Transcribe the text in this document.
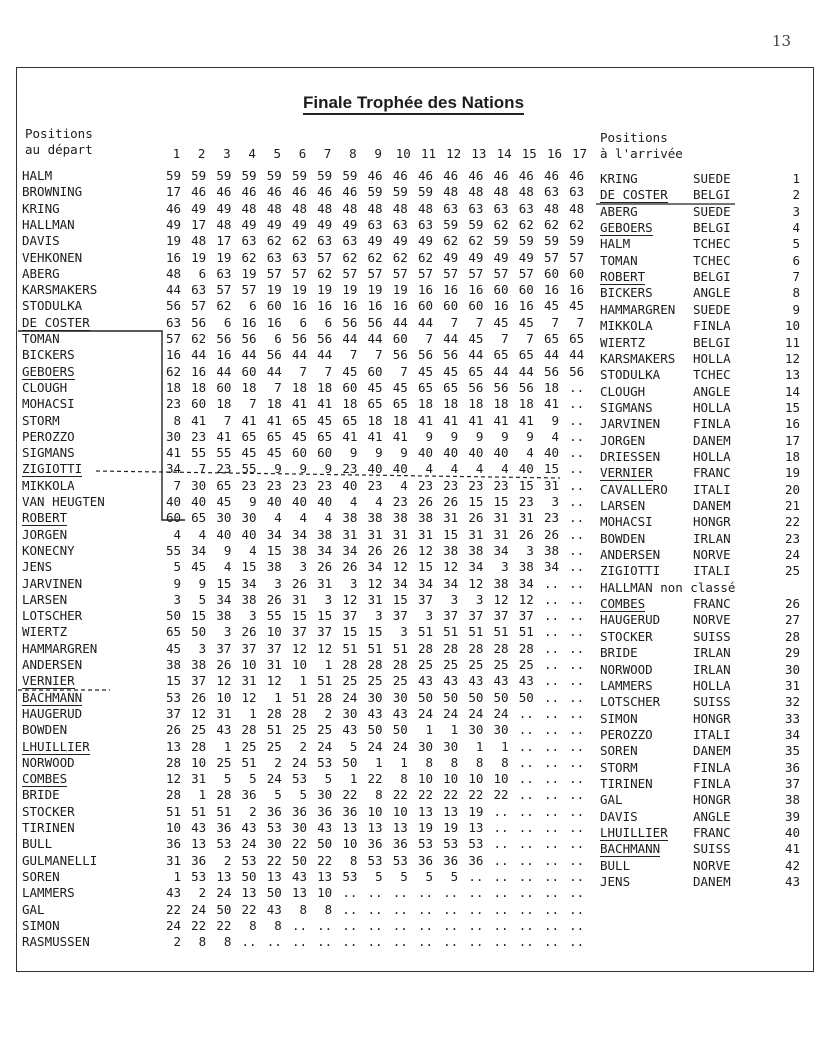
13
Finale Trophée des Nations
Positions
au départ
Positions
à l'arrivée
1	2	3	4	5	6	7	8	9	10 11 12 13 14 15 16 17
HALM	59 59 59 59 59 59 59 59 46 46 46 46 46 46 46 46 46
BROWNING	17 46 46 46 46 46 46 46 59 59 59 48 48 48 48 63 63
KRING	46 49 49 48 48 48 48 48 48 48 48 63 63 63 63 48 48
HALLMAN	49 17 48 49 49 49 49 49 63 63 63 59 59 62 62 62 62
DAVIS	19 48 17 63 62 62 63 63 49 49 49 62 62 59 59 59 59
VEHKONEN	16 19 19 62 63 63 57 62 62 62 62 49 49 49 49 57 57
ABERG	48	6 63 19 57 57 62 57 57 57 57 57 57 57 57 60 60
KARSMAKERS	44 63 57 57 19 19 19 19 19 19 16 16 16 60 60 16 16
STODULKA	56 57 62	6 60 16 16 16 16 16 60 60 60 16 16 45 45
DE COSTER	63 56	6 16 16	6	6 56 56 44 44	7	7 45 45	7	7
TOMAN	57 62 56 56	6 56 56 44 44 60	7 44 45	7	7 65 65
BICKERS	16 44 16 44 56 44 44	7	7 56 56 56 44 65 65 44 44
GEBOERS	62 16 44 60 44	7	7 45 60	7 45 45 65 44 44 56 56
CLOUGH	18 18 60 18	7 18 18 60 45 45 65 65 56 56 56 18 ..
MOHACSI	23 60 18	7 18 41 41 18 65 65 18 18 18 18 18 41 ..
STORM	8 41	7 41 41 65 45 65 18 18 41 41 41 41 41	9 ..
PEROZZO	30 23 41 65 65 45 65 41 41 41	9	9	9	9	9	4 ..
SIGMANS	41 55 55 45 45 60 60	9	9	9 40 40 40 40	4 40 ..
ZIGIOTTI	34	7 23 55	9	9	9 23 40 40	4	4	4	4 40 15 ..
MIKKOLA	7 30 65 23 23 23 23 40 23	4 23 23 23 23 15 31 ..
VAN HEUGTEN	40 40 45	9 40 40 40	4	4 23 26 26 15 15 23	3 ..
ROBERT	60 65 30 30	4	4	4 38 38 38 38 31 26 31 31 23 ..
JORGEN	4	4 40 40 34 34 38 31 31 31 31 15 31 31 26 26 ..
KONECNY	55 34	9	4 15 38 34 34 26 26 12 38 38 34	3 38 ..
JENS	5 45	4 15 38	3 26 26 34 12 15 12 34	3 38 34 ..
JARVINEN	9	9 15 34	3 26 31	3 12 34 34 34 12 38 34 .. ..
LARSEN	3	5 34 38 26 31	3 12 31 15 37	3	3 12 12 .. ..
LOTSCHER	50 15 38	3 55 15 15 37	3 37	3 37 37 37 37 .. ..
WIERTZ	65 50	3 26 10 37 37 15 15	3 51 51 51 51 51 .. ..
HAMMARGREN	45	3 37 37 37 12 12 51 51 51 28 28 28 28 28 .. ..
ANDERSEN	38 38 26 10 31 10	1 28 28 28 25 25 25 25 25 .. ..
VERNIER	15 37 12 31 12	1 51 25 25 25 43 43 43 43 43 .. ..
BACHMANN	53 26 10 12	1 51 28 24 30 30 50 50 50 50 50 .. ..
HAUGERUD	37 12 31	1 28 28	2 30 43 43 24 24 24 24 .. .. ..
BOWDEN	26 25 43 28 51 25 25 43 50 50	1	1 30 30 .. .. ..
LHUILLIER	13 28	1 25 25	2 24	5 24 24 30 30	1	1 .. .. ..
NORWOOD	28 10 25 51	2 24 53 50	1	1	8	8	8	8 .. .. ..
COMBES	12 31	5	5 24 53	5	1 22	8 10 10 10 10 .. .. ..
BRIDE	28	1 28 36	5	5 30 22	8 22 22 22 22 22 .. .. ..
STOCKER	51 51 51	2 36 36 36 36 10 10 13 13 19 .. .. .. ..
TIRINEN	10 43 36 43 53 30 43 13 13 13 19 19 13 .. .. .. ..
BULL	36 13 53 24 30 22 50 10 36 36 53 53 53 .. .. .. ..
GULMANELLI	31 36	2 53 22 50 22	8 53 53 36 36 36 .. .. .. ..
SOREN	1 53 13 50 13 43 13 53	5	5	5	5 .. .. .. .. ..
LAMMERS	43	2 24 13 50 13 10 .. .. .. .. .. .. .. .. .. ..
GAL	22 24 50 22 43	8	8 .. .. .. .. .. .. .. .. .. ..
SIMON	24 22 22	8	8 .. .. .. .. .. .. .. .. .. .. .. ..
RASMUSSEN	2	8	8 .. .. .. .. .. .. .. .. .. .. .. .. .. ..
KRING	SUEDE	1
DE COSTER BELGI	2
ABERG	SUEDE	3
GEBOERS	BELGI	4
HALM	TCHEC	5
TOMAN	TCHEC	6
ROBERT	BELGI	7
BICKERS	ANGLE	8
HAMMARGREN SUEDE	9
MIKKOLA	FINLA	10
WIERTZ	BELGI	11
KARSMAKERS HOLLA	12
STODULKA	TCHEC	13
CLOUGH	ANGLE	14
SIGMANS	HOLLA	15
JARVINEN	FINLA	16
JORGEN	DANEM	17
DRIESSEN	HOLLA	18
VERNIER	FRANC	19
CAVALLERO ITALI	20
LARSEN	DANEM	21
MOHACSI	HONGR	22
BOWDEN	IRLAN	23
ANDERSEN	NORVE	24
ZIGIOTTI	ITALI	25
HALLMAN non classé
COMBES	FRANC	26
HAUGERUD	NORVE	27
STOCKER	SUISS	28
BRIDE	IRLAN	29
NORWOOD	IRLAN	30
LAMMERS	HOLLA	31
LOTSCHER	SUISS	32
SIMON	HONGR	33
PEROZZO	ITALI	34
SOREN	DANEM	35
STORM	FINLA	36
TIRINEN	FINLA	37
GAL	HONGR	38
DAVIS	ANGLE	39
LHUILLIER FRANC	40
BACHMANN	SUISS	41
BULL	NORVE	42
JENS	DANEM	43
